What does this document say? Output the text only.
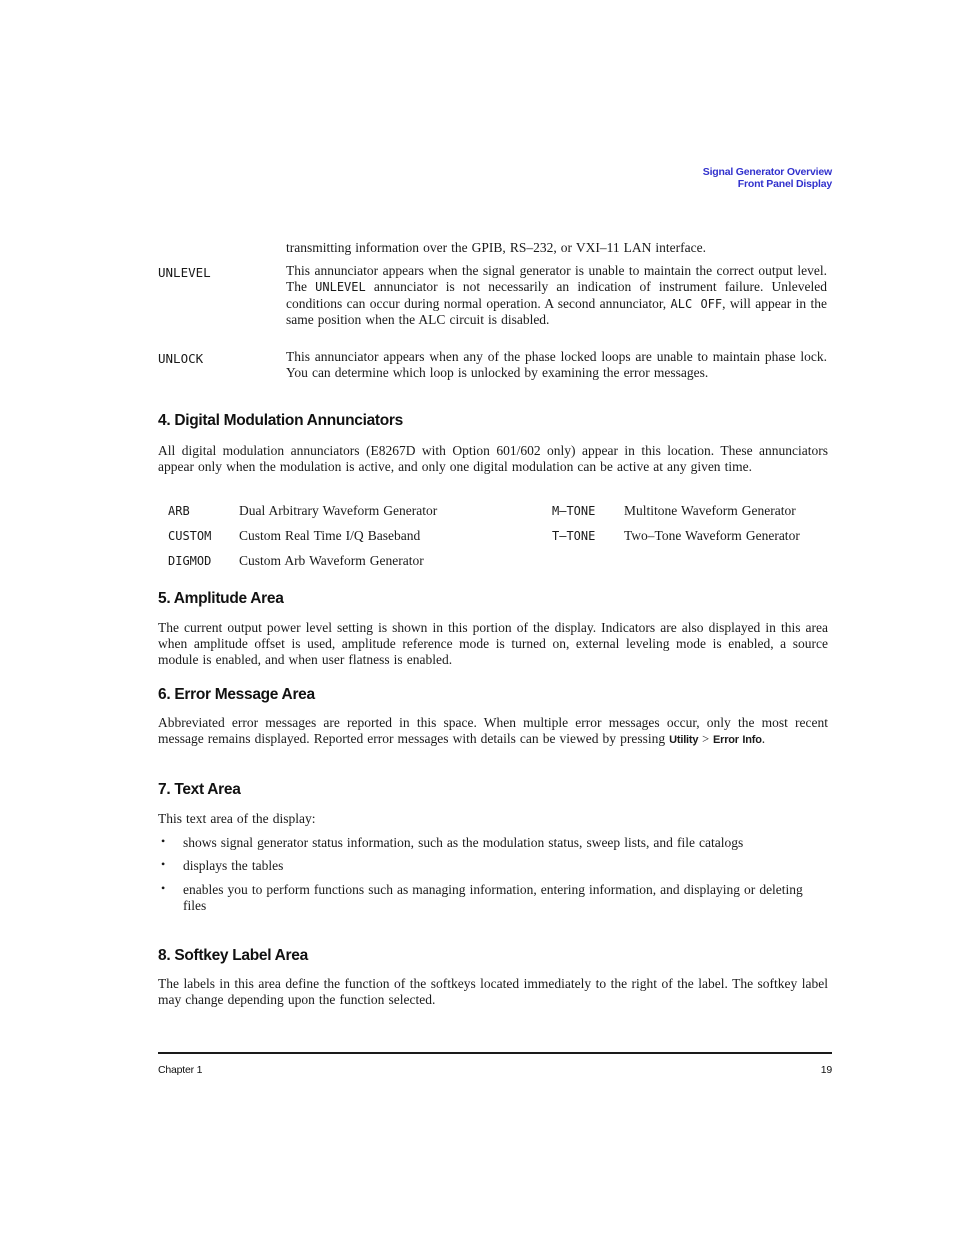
Signal Generator Overview
Front Panel Display

transmitting information over the GPIB, RS–232, or VXI–11 LAN interface.

UNLEVEL	This annunciator appears when the signal generator is unable to maintain the correct output level. The UNLEVEL annunciator is not necessarily an indication of instrument failure. Unleveled conditions can occur during normal operation. A second annunciator, ALC OFF, will appear in the same position when the ALC circuit is disabled.

UNLOCK	This annunciator appears when any of the phase locked loops are unable to maintain phase lock. You can determine which loop is unlocked by examining the error messages.

4. Digital Modulation Annunciators

All digital modulation annunciators (E8267D with Option 601/602 only) appear in this location. These annunciators appear only when the modulation is active, and only one digital modulation can be active at any given time.

ARB	Dual Arbitrary Waveform Generator	M–TONE	Multitone Waveform Generator
CUSTOM	Custom Real Time I/Q Baseband	T–TONE	Two–Tone Waveform Generator
DIGMOD	Custom Arb Waveform Generator
5. Amplitude Area

The current output power level setting is shown in this portion of the display. Indicators are also displayed in this area when amplitude offset is used, amplitude reference mode is turned on, external leveling mode is enabled, a source module is enabled, and when user flatness is enabled.

6. Error Message Area

Abbreviated error messages are reported in this space. When multiple error messages occur, only the most recent message remains displayed. Reported error messages with details can be viewed by pressing Utility > Error Info.

7. Text Area

This text area of the display:

• shows signal generator status information, such as the modulation status, sweep lists, and file catalogs
• displays the tables
• enables you to perform functions such as managing information, entering information, and displaying or deleting files
8. Softkey Label Area

The labels in this area define the function of the softkeys located immediately to the right of the label. The softkey label may change depending upon the function selected.

Chapter 1	19
